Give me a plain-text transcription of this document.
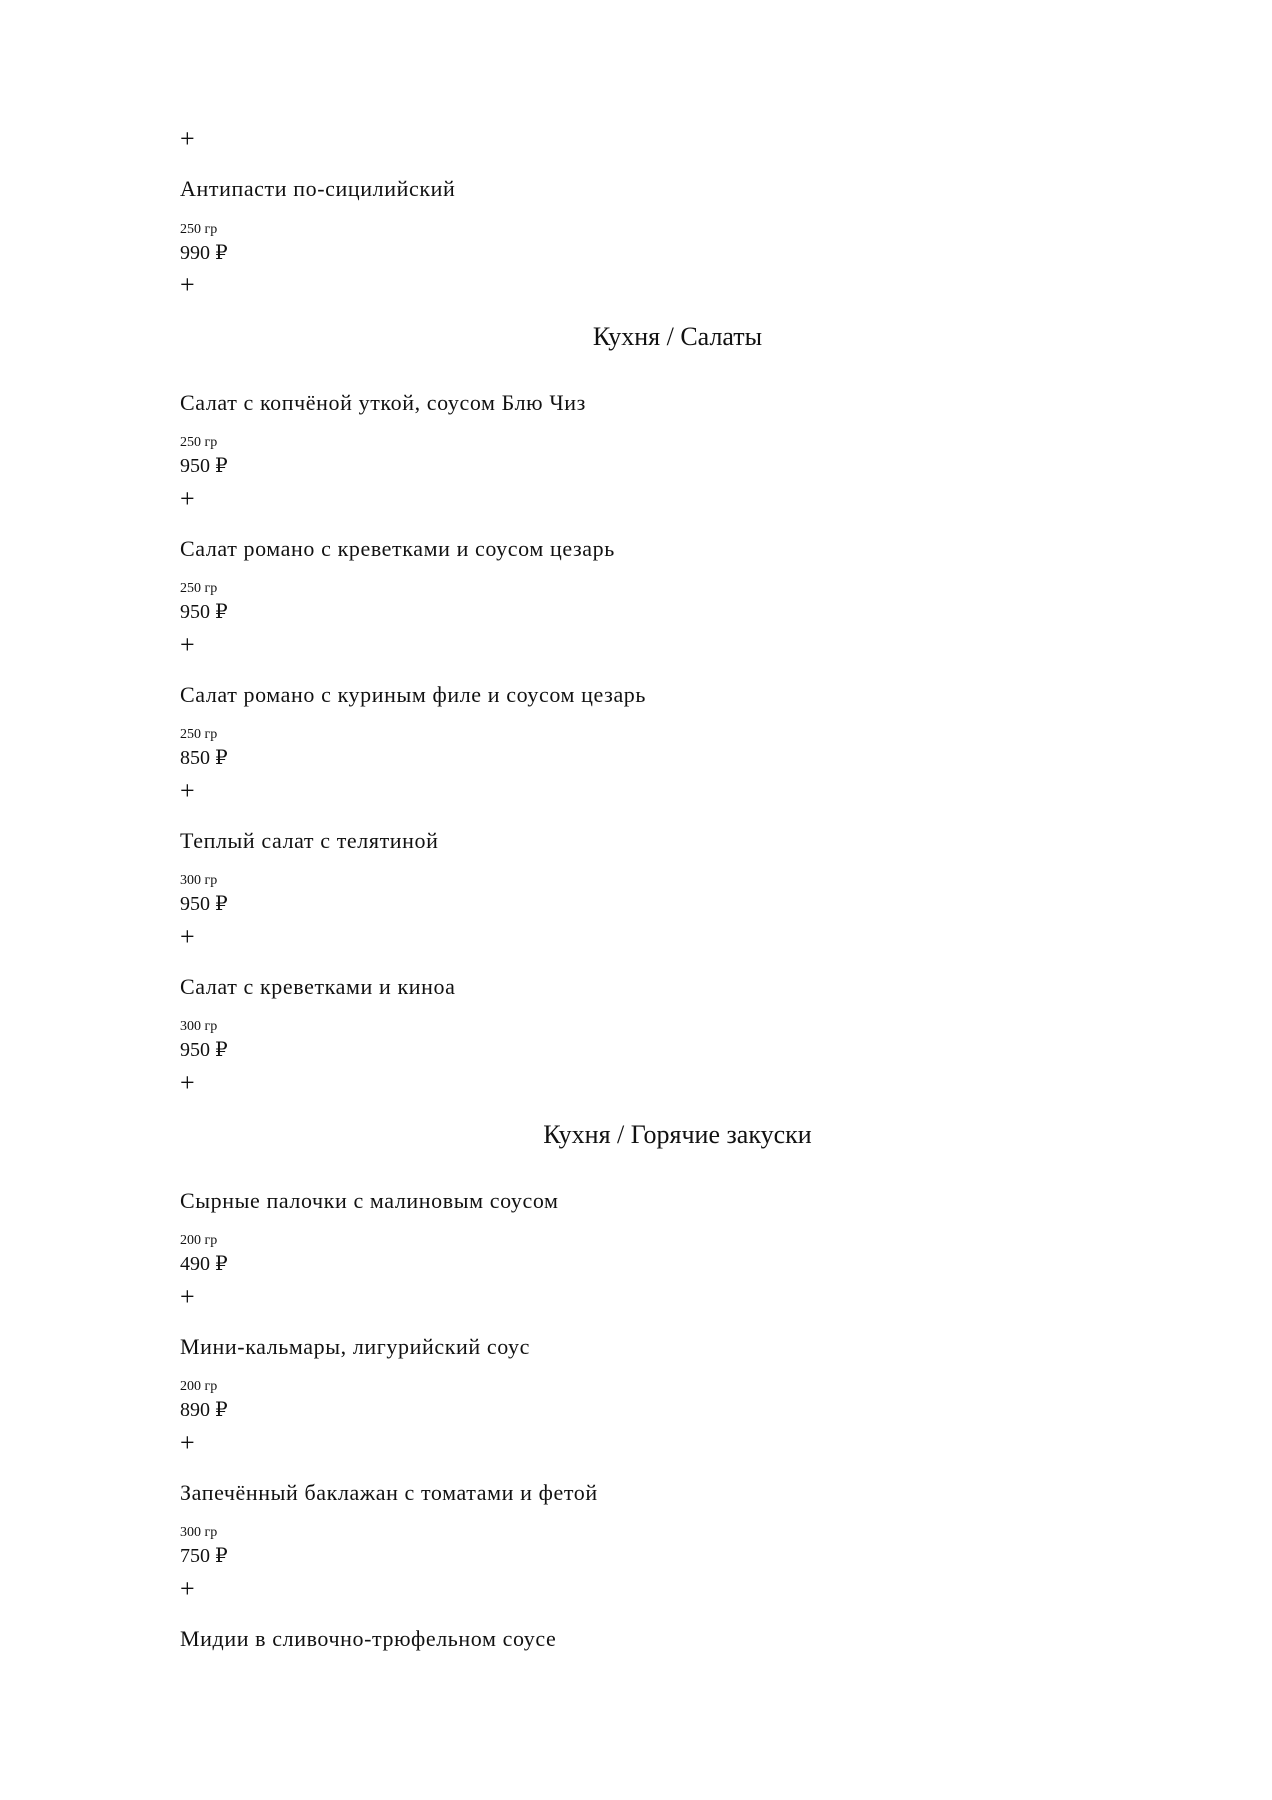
+
Антипасти по-сицилийский
250 гр
990 ₽
+
Кухня / Салаты
Салат с копчёной уткой, соусом Блю Чиз
250 гр
950 ₽
+
Салат романо с креветками и соусом цезарь
250 гр
950 ₽
+
Салат романо с куриным филе и соусом цезарь
250 гр
850 ₽
+
Теплый салат с телятиной
300 гр
950 ₽
+
Салат с креветками и киноа
300 гр
950 ₽
+
Кухня / Горячие закуски
Сырные палочки с малиновым соусом
200 гр
490 ₽
+
Мини-кальмары, лигурийский соус
200 гр
890 ₽
+
Запечённый баклажан с томатами и фетой
300 гр
750 ₽
+
Мидии в сливочно-трюфельном соусе
